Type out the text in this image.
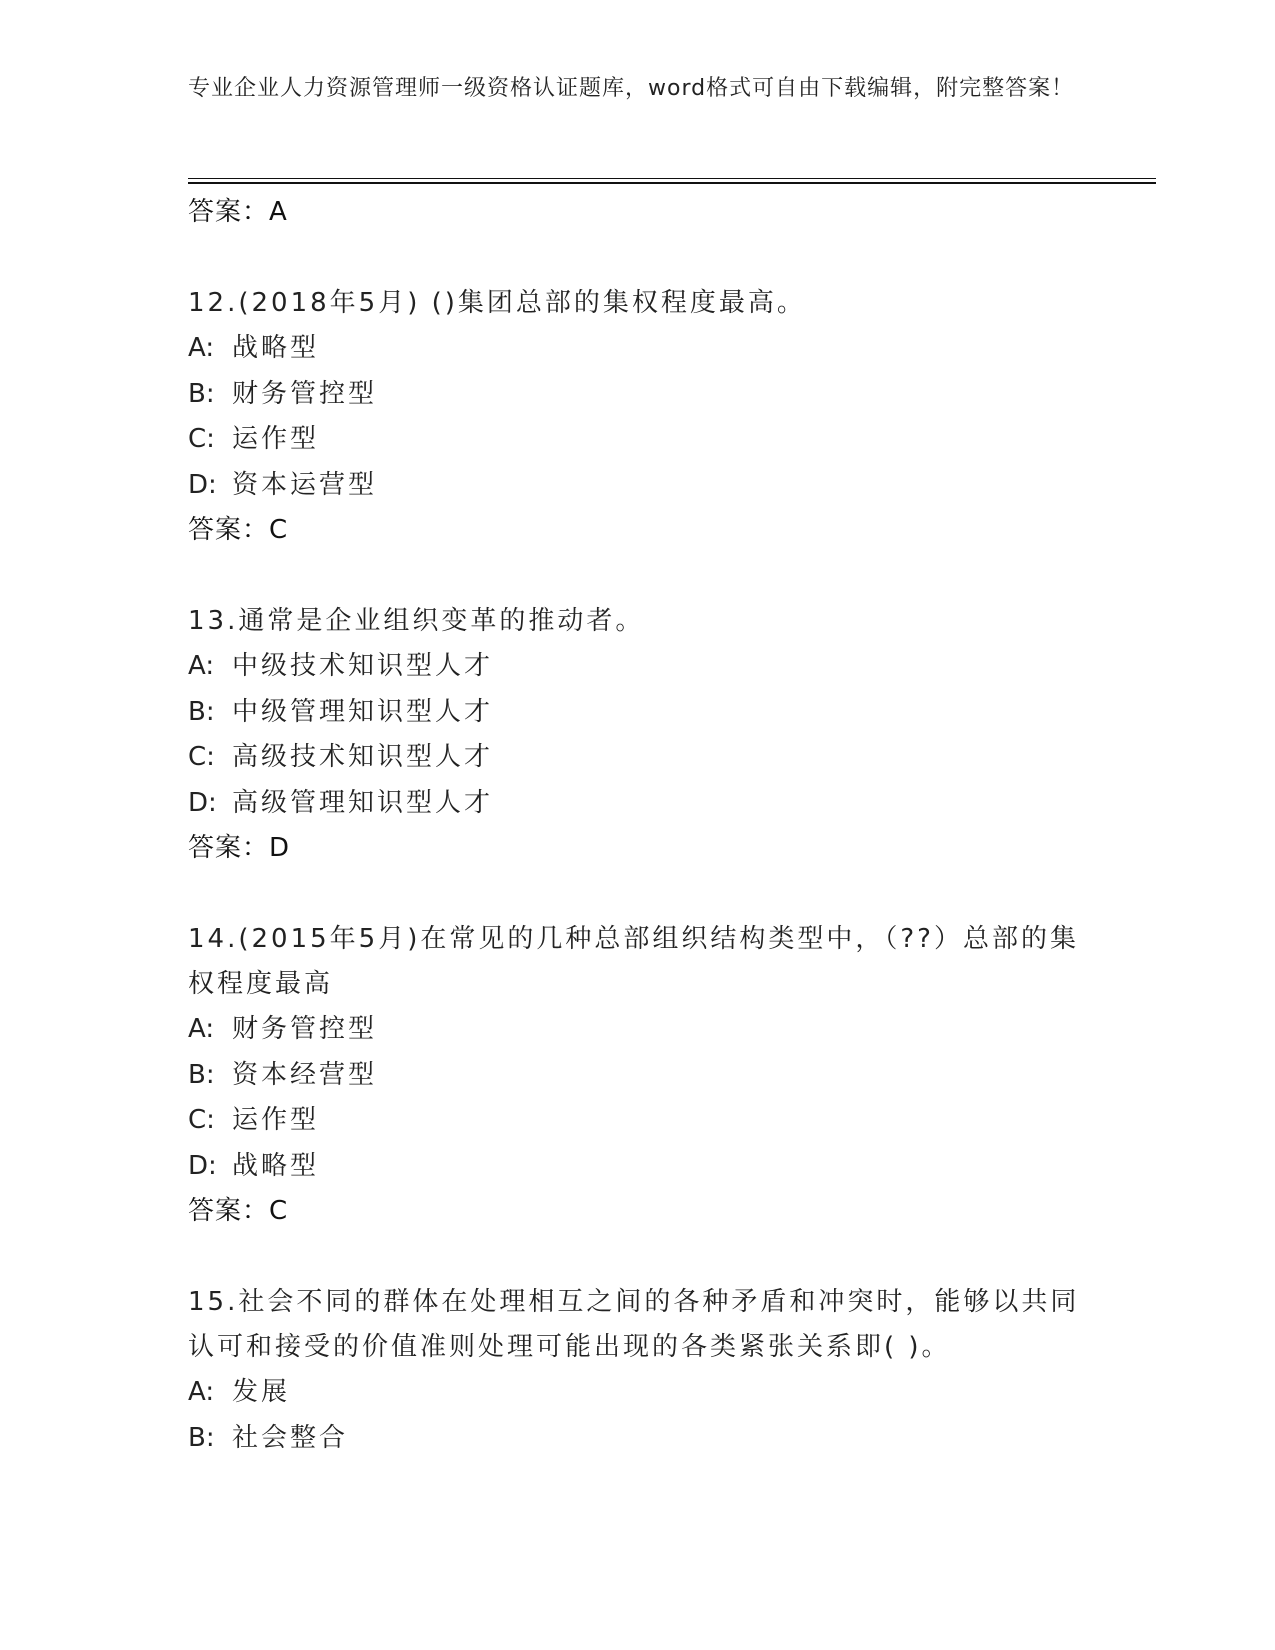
专业企业人力资源管理师一级资格认证题库，word格式可自由下载编辑，附完整答案！
答案：A
12.(2018年5月) ()集团总部的集权程度最高。
A: 战略型
B: 财务管控型
C: 运作型
D: 资本运营型
答案：C
13.通常是企业组织变革的推动者。
A: 中级技术知识型人才
B: 中级管理知识型人才
C: 高级技术知识型人才
D: 高级管理知识型人才
答案：D
14.(2015年5月)在常见的几种总部组织结构类型中，（??）总部的集权程度最高
A: 财务管控型
B: 资本经营型
C: 运作型
D: 战略型
答案：C
15.社会不同的群体在处理相互之间的各种矛盾和冲突时，能够以共同认可和接受的价值准则处理可能出现的各类紧张关系即( )。
A: 发展
B: 社会整合
